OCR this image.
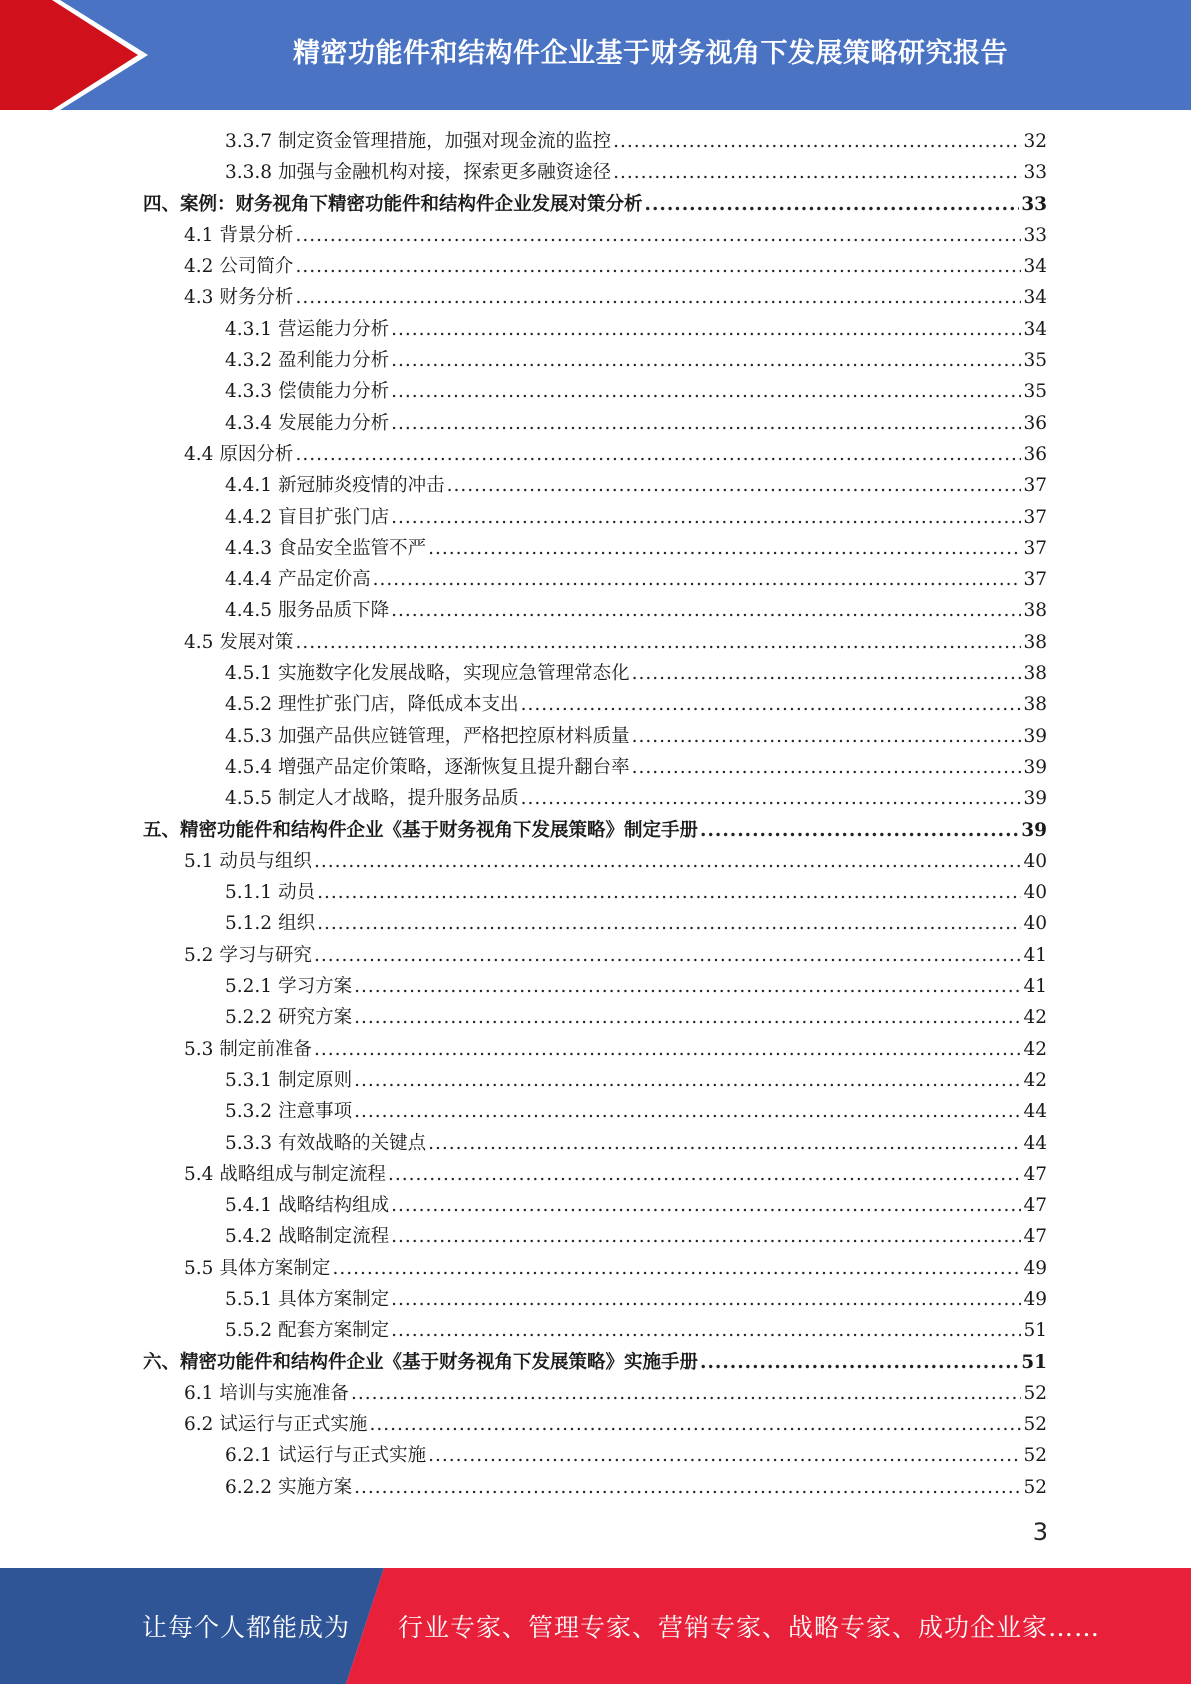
精密功能件和结构件企业基于财务视角下发展策略研究报告
3.3.7 制定资金管理措施，加强对现金流的监控 .....	32
3.3.8 加强与金融机构对接，探索更多融资途径 .....	33
四、案例：财务视角下精密功能件和结构件企业发展对策分析 .....	33
4.1 背景分析 .....	33
4.2 公司简介 .....	34
4.3 财务分析 .....	34
4.3.1 营运能力分析 .....	34
4.3.2 盈利能力分析 .....	35
4.3.3 偿债能力分析 .....	35
4.3.4 发展能力分析 .....	36
4.4 原因分析 .....	36
4.4.1 新冠肺炎疫情的冲击 .....	37
4.4.2 盲目扩张门店 .....	37
4.4.3 食品安全监管不严 .....	37
4.4.4 产品定价高 .....	37
4.4.5 服务品质下降 .....	38
4.5 发展对策 .....	38
4.5.1 实施数字化发展战略，实现应急管理常态化 .....	38
4.5.2 理性扩张门店，降低成本支出 .....	38
4.5.3 加强产品供应链管理，严格把控原材料质量 .....	39
4.5.4 增强产品定价策略，逐渐恢复且提升翻台率 .....	39
4.5.5 制定人才战略，提升服务品质 .....	39
五、精密功能件和结构件企业《基于财务视角下发展策略》制定手册 .....	39
5.1 动员与组织 .....	40
5.1.1 动员 .....	40
5.1.2 组织 .....	40
5.2 学习与研究 .....	41
5.2.1 学习方案 .....	41
5.2.2 研究方案 .....	42
5.3 制定前准备 .....	42
5.3.1 制定原则 .....	42
5.3.2 注意事项 .....	44
5.3.3 有效战略的关键点 .....	44
5.4 战略组成与制定流程 .....	47
5.4.1 战略结构组成 .....	47
5.4.2 战略制定流程 .....	47
5.5 具体方案制定 .....	49
5.5.1 具体方案制定 .....	49
5.5.2 配套方案制定 .....	51
六、精密功能件和结构件企业《基于财务视角下发展策略》实施手册 .....	51
6.1 培训与实施准备 .....	52
6.2 试运行与正式实施 .....	52
6.2.1 试运行与正式实施 .....	52
6.2.2 实施方案 .....	52
3
让每个人都能成为 行业专家、管理专家、营销专家、战略专家、成功企业家……
